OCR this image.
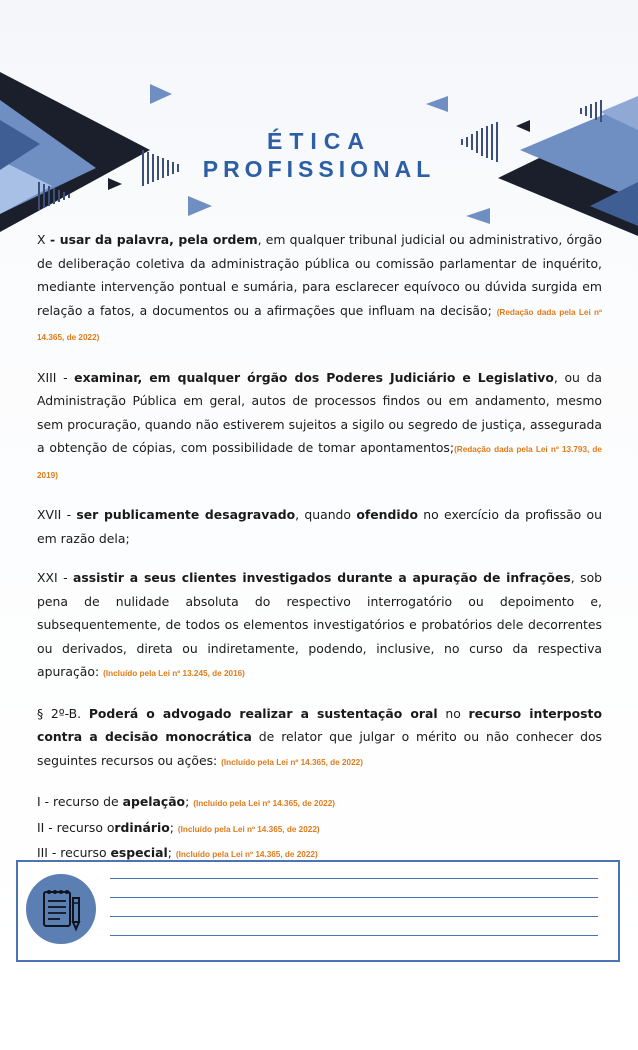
ÉTICA
PROFISSIONAL

X - usar da palavra, pela ordem, em qualquer tribunal judicial ou administrativo, órgão de deliberação coletiva da administração pública ou comissão parlamentar de inquérito, mediante intervenção pontual e sumária, para esclarecer equívoco ou dúvida surgida em relação a fatos, a documentos ou a afirmações que influam na decisão; (Redação dada pela Lei nº 14.365, de 2022)

XIII - examinar, em qualquer órgão dos Poderes Judiciário e Legislativo, ou da Administração Pública em geral, autos de processos findos ou em andamento, mesmo sem procuração, quando não estiverem sujeitos a sigilo ou segredo de justiça, assegurada a obtenção de cópias, com possibilidade de tomar apontamentos;(Redação dada pela Lei nº 13.793, de 2019)

XVII - ser publicamente desagravado, quando ofendido no exercício da profissão ou em razão dela;

XXI - assistir a seus clientes investigados durante a apuração de infrações, sob pena de nulidade absoluta do respectivo interrogatório ou depoimento e, subsequentemente, de todos os elementos investigatórios e probatórios dele decorrentes ou derivados, direta ou indiretamente, podendo, inclusive, no curso da respectiva apuração: (Incluído pela Lei nº 13.245, de 2016)

§ 2º-B. Poderá o advogado realizar a sustentação oral no recurso interposto contra a decisão monocrática de relator que julgar o mérito ou não conhecer dos seguintes recursos ou ações: (Incluído pela Lei nº 14.365, de 2022)

I - recurso de apelação; (Incluído pela Lei nº 14.365, de 2022)

II - recurso ordinário; (Incluído pela Lei nº 14.365, de 2022)

III - recurso especial; (Incluído pela Lei nº 14.365, de 2022)
